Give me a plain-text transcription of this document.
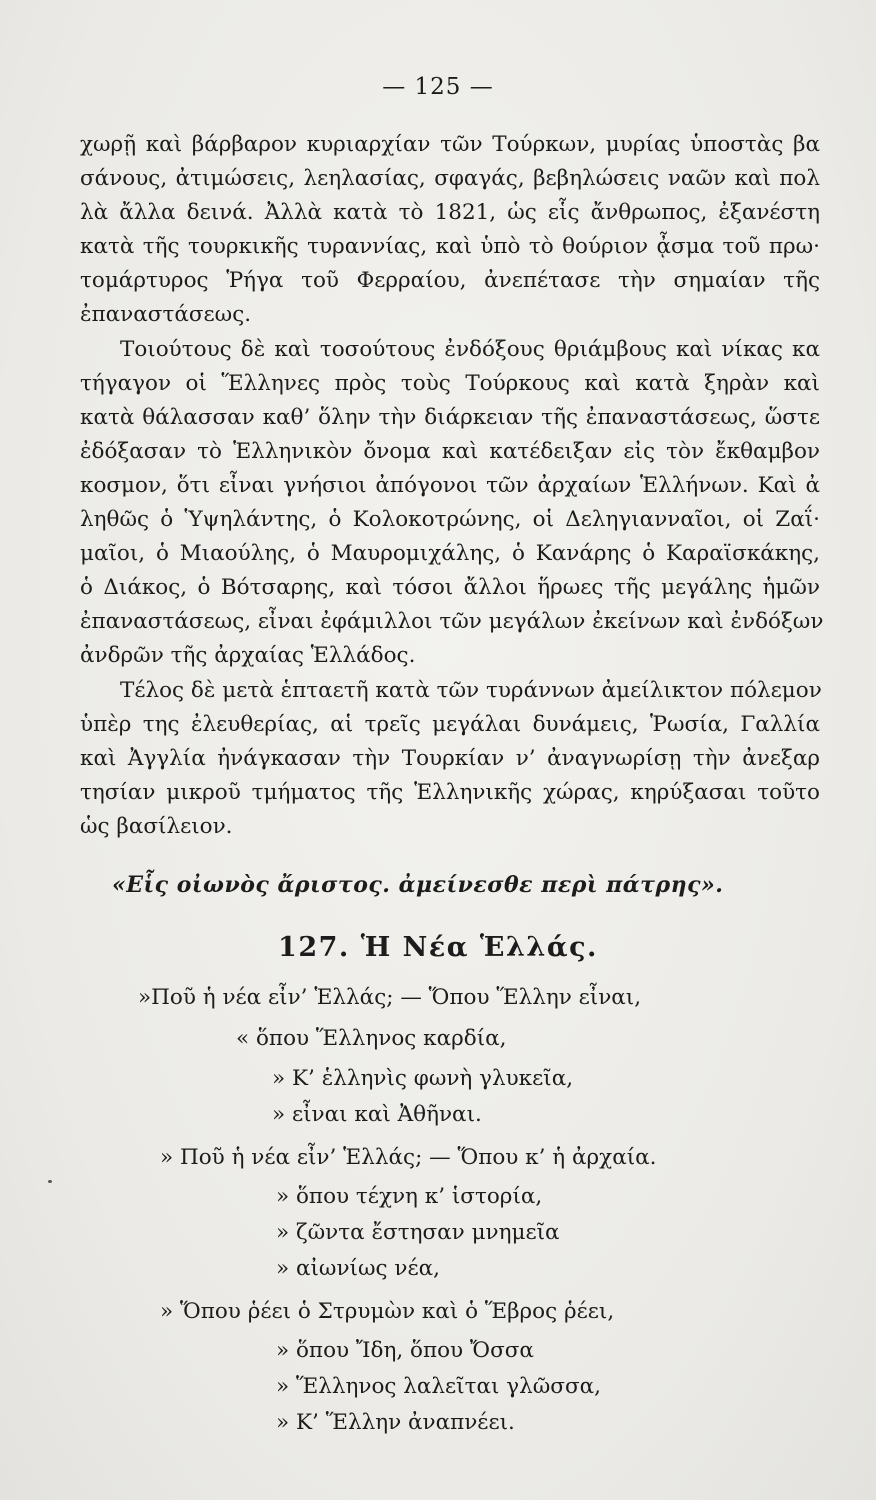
— 125 —
χωρῇ καὶ βάρβαρον κυριαρχίαν τῶν Τούρκων, μυρίας ὑποστὰς βα
σάνους, ἀτιμώσεις, λεηλασίας, σφαγάς, βεβηλώσεις ναῶν καὶ πολ
λὰ ἄλλα δεινά. Ἀλλὰ κατὰ τὸ 1821, ὡς εἷς ἄνθρωπος, ἐξανέστη
κατὰ τῆς τουρκικῆς τυραννίας, καὶ ὑπὸ τὸ θούριον ᾆσμα τοῦ πρω·
τομάρτυρος Ῥήγα τοῦ Φερραίου, ἀνεπέτασε τὴν σημαίαν τῆς
ἐπαναστάσεως.
Τοιούτους δὲ καὶ τοσούτους ἐνδόξους θριάμβους καὶ νίκας κα
τήγαγον οἱ Ἕλληνες πρὸς τοὺς Τούρκους καὶ κατὰ ξηρὰν καὶ
κατὰ θάλασσαν καθ’ ὅλην τὴν διάρκειαν τῆς ἐπαναστάσεως, ὥστε
ἐδόξασαν τὸ Ἑλληνικὸν ὄνομα καὶ κατέδειξαν εἰς τὸν ἔκθαμβον
κοσμον, ὅτι εἶναι γνήσιοι ἀπόγονοι τῶν ἀρχαίων Ἑλλήνων. Καὶ ἀ
ληθῶς ὁ Ὑψηλάντης, ὁ Κολοκοτρώνης, οἱ Δεληγιανναῖοι, οἱ Ζαΐ·
μαῖοι, ὁ Μιαούλης, ὁ Μαυρομιχάλης, ὁ Κανάρης ὁ Καραϊσκάκης,
ὁ Διάκος, ὁ Βότσαρης, καὶ τόσοι ἄλλοι ἥρωες τῆς μεγάλης ἡμῶν
ἐπαναστάσεως, εἶναι ἐφάμιλλοι τῶν μεγάλων ἐκείνων καὶ ἐνδόξων
ἀνδρῶν τῆς ἀρχαίας Ἑλλάδος.
Τέλος δὲ μετὰ ἑπταετῆ κατὰ τῶν τυράννων ἀμείλικτον πόλεμον
ὑπὲρ της ἐλευθερίας, αἱ τρεῖς μεγάλαι δυνάμεις, Ῥωσία, Γαλλία
καὶ Ἀγγλία ἠνάγκασαν τὴν Τουρκίαν ν’ ἀναγνωρίσῃ τὴν ἀνεξαρ
τησίαν μικροῦ τμήματος τῆς Ἑλληνικῆς χώρας, κηρύξασαι τοῦτο
ὡς βασίλειον.
«Εἷς οἰωνὸς ἄριστος. ἀμείνεσθε περὶ πάτρης».
127. Ἡ Νέα Ἑλλάς.
»Ποῦ ἡ νέα εἶν’ Ἑλλάς; — Ὅπου Ἕλλην εἶναι,
« ὅπου Ἕλληνος καρδία,
» Κ’ ἑλληνὶς φωνὴ γλυκεῖα,
» εἶναι καὶ Ἀθῆναι.
» Ποῦ ἡ νέα εἶν’ Ἑλλάς; — Ὅπου κ’ ἡ ἀρχαία.
» ὅπου τέχνη κ’ ἱστορία,
» ζῶντα ἔστησαν μνημεῖα
» αἰωνίως νέα,
» Ὅπου ῥέει ὁ Στρυμὼν καὶ ὁ Ἕβρος ῥέει,
» ὅπου Ἴδη, ὅπου Ὄσσα
» Ἕλληνος λαλεῖται γλῶσσα,
» Κ’ Ἕλλην ἀναπνέει.
